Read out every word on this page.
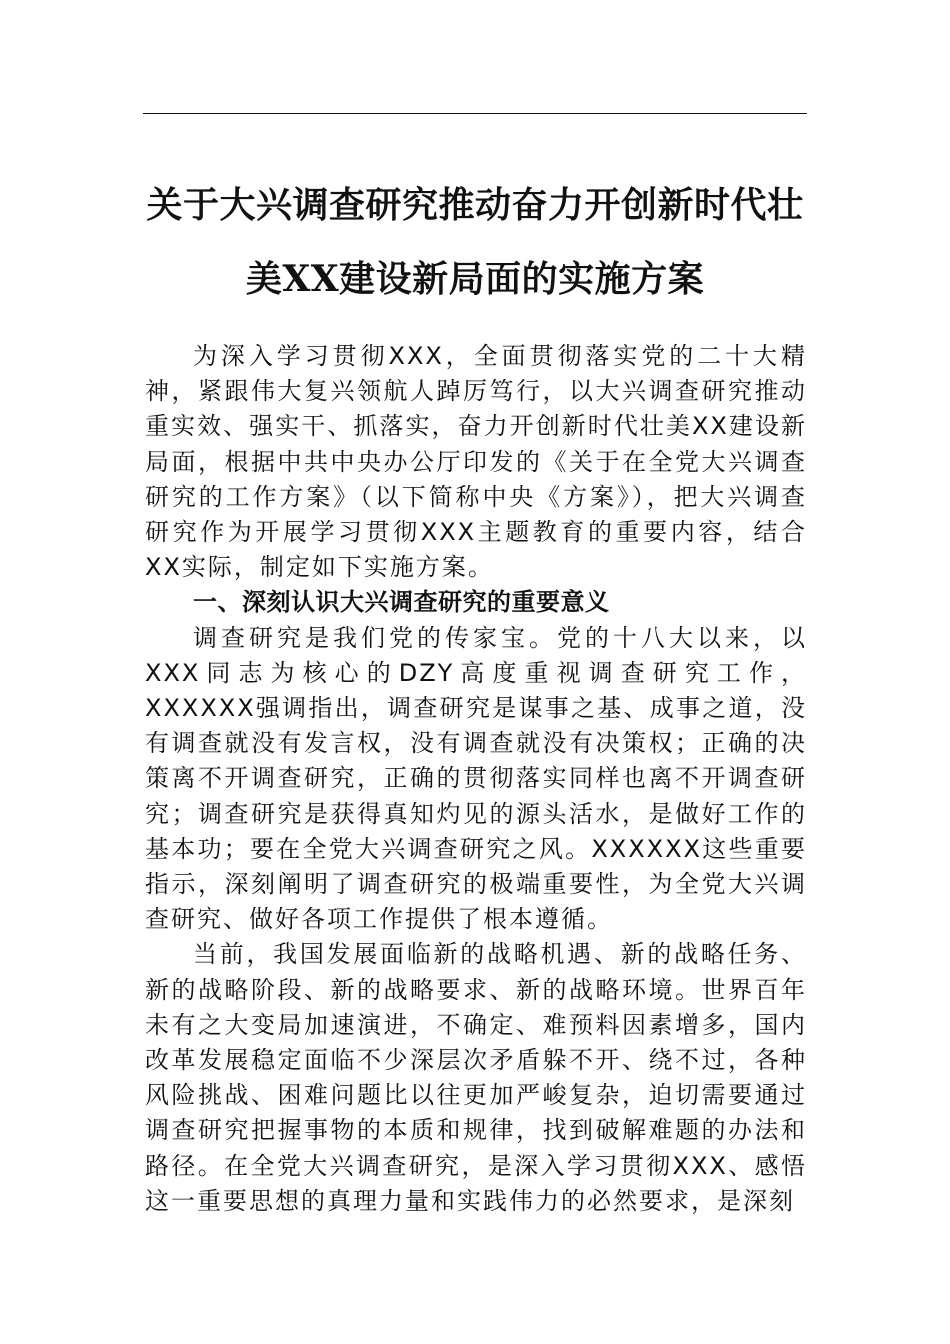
关于大兴调查研究推动奋力开创新时代壮
美XX建设新局面的实施方案

为深入学习贯彻XXX，全面贯彻落实党的二十大精神，紧跟伟大复兴领航人踔厉笃行，以大兴调查研究推动重实效、强实干、抓落实，奋力开创新时代壮美XX建设新局面，根据中共中央办公厅印发的《关于在全党大兴调查研究的工作方案》（以下简称中央《方案》），把大兴调查研究作为开展学习贯彻XXX主题教育的重要内容，结合XX实际，制定如下实施方案。

一、深刻认识大兴调查研究的重要意义

调查研究是我们党的传家宝。党的十八大以来，以XXX同志为核心的DZY高度重视调查研究工作，XXXXXX强调指出，调查研究是谋事之基、成事之道，没有调查就没有发言权，没有调查就没有决策权；正确的决策离不开调查研究，正确的贯彻落实同样也离不开调查研究；调查研究是获得真知灼见的源头活水，是做好工作的基本功；要在全党大兴调查研究之风。XXXXXX这些重要指示，深刻阐明了调查研究的极端重要性，为全党大兴调查研究、做好各项工作提供了根本遵循。

当前，我国发展面临新的战略机遇、新的战略任务、新的战略阶段、新的战略要求、新的战略环境。世界百年未有之大变局加速演进，不确定、难预料因素增多，国内改革发展稳定面临不少深层次矛盾躲不开、绕不过，各种风险挑战、困难问题比以往更加严峻复杂，迫切需要通过调查研究把握事物的本质和规律，找到破解难题的办法和路径。在全党大兴调查研究，是深入学习贯彻XXX、感悟这一重要思想的真理力量和实践伟力的必然要求，是深刻
